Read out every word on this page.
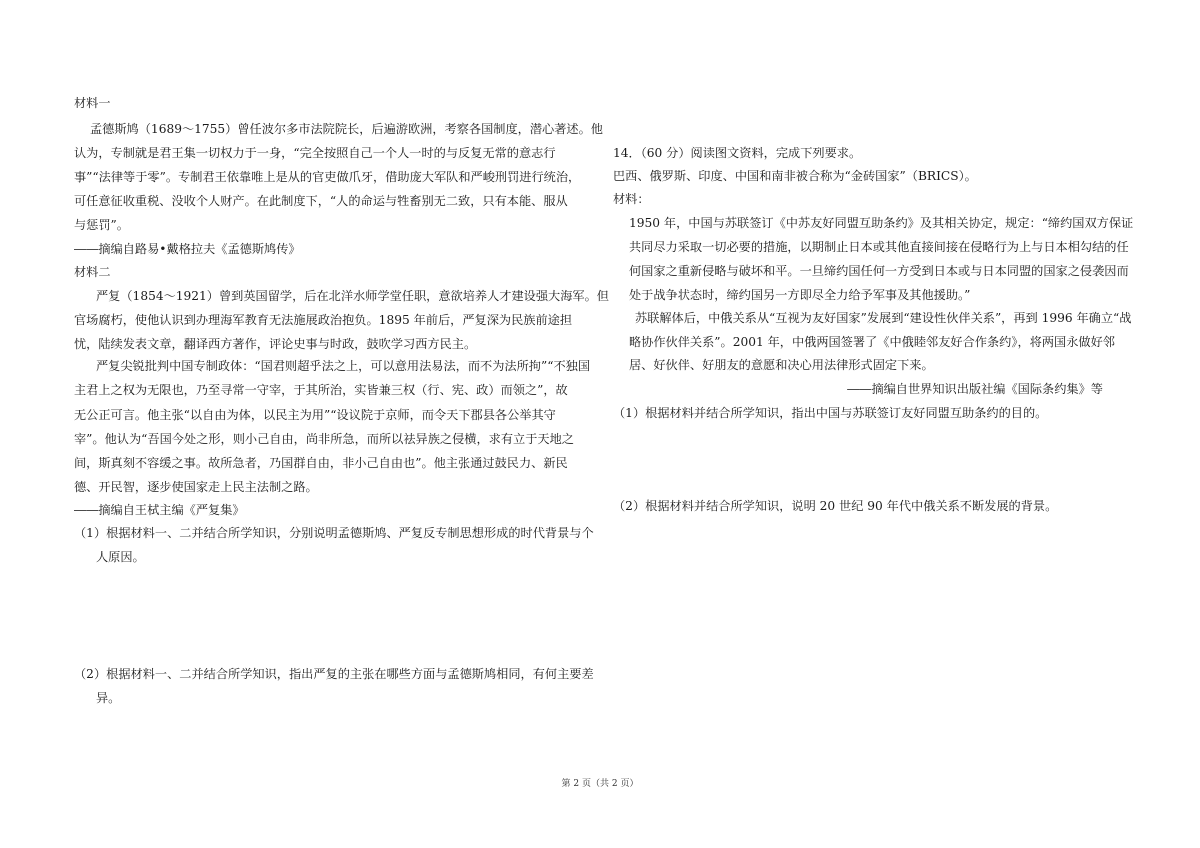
材料一
孟德斯鸠（1689～1755）曾任波尔多市法院院长，后遍游欧洲，考察各国制度，潜心著述。他
认为，专制就是君王集一切权力于一身，“完全按照自己一个人一时的与反复无常的意志行
事”“法律等于零”。专制君王依靠唯上是从的官吏做爪牙，借助庞大军队和严峻刑罚进行统治，
可任意征收重税、没收个人财产。在此制度下，“人的命运与牲畜别无二致，只有本能、服从
与惩罚”。
――摘编自路易•戴格拉夫《孟德斯鸠传》
材料二
严复（1854～1921）曾到英国留学，后在北洋水师学堂任职，意欲培养人才建设强大海军。但
官场腐朽，使他认识到办理海军教育无法施展政治抱负。1895 年前后，严复深为民族前途担
忧，陆续发表文章，翻译西方著作，评论史事与时政，鼓吹学习西方民主。
严复尖锐批判中国专制政体：“国君则超乎法之上，可以意用法易法，而不为法所拘”“不独国
主君上之权为无限也，乃至寻常一守宰，于其所治，实皆兼三权（行、宪、政）而领之”，故
无公正可言。他主张“以自由为体，以民主为用”“设议院于京师，而令天下郡县各公举其守
宰”。他认为“吾国今处之形，则小己自由，尚非所急，而所以祛异族之侵横，求有立于天地之
间，斯真刻不容缓之事。故所急者，乃国群自由，非小己自由也”。他主张通过鼓民力、新民
德、开民智，逐步使国家走上民主法制之路。
――摘编自王栻主编《严复集》
（1）根据材料一、二并结合所学知识，分别说明孟德斯鸠、严复反专制思想形成的时代背景与个
人原因。
（2）根据材料一、二并结合所学知识，指出严复的主张在哪些方面与孟德斯鸠相同，有何主要差
异。
14．（60 分）阅读图文资料，完成下列要求。
巴西、俄罗斯、印度、中国和南非被合称为“金砖国家”（BRICS）。
材料：
1950 年，中国与苏联签订《中苏友好同盟互助条约》及其相关协定，规定：“缔约国双方保证
共同尽力采取一切必要的措施，以期制止日本或其他直接间接在侵略行为上与日本相勾结的任
何国家之重新侵略与破坏和平。一旦缔约国任何一方受到日本或与日本同盟的国家之侵袭因而
处于战争状态时，缔约国另一方即尽全力给予军事及其他援助。”
苏联解体后，中俄关系从“互视为友好国家”发展到“建设性伙伴关系”，再到 1996 年确立“战
略协作伙伴关系”。2001 年，中俄两国签署了《中俄睦邻友好合作条约》，将两国永做好邻
居、好伙伴、好朋友的意愿和决心用法律形式固定下来。
――摘编自世界知识出版社编《国际条约集》等
（1）根据材料并结合所学知识，指出中国与苏联签订友好同盟互助条约的目的。
（2）根据材料并结合所学知识，说明 20 世纪 90 年代中俄关系不断发展的背景。
第 2 页（共 2 页）
